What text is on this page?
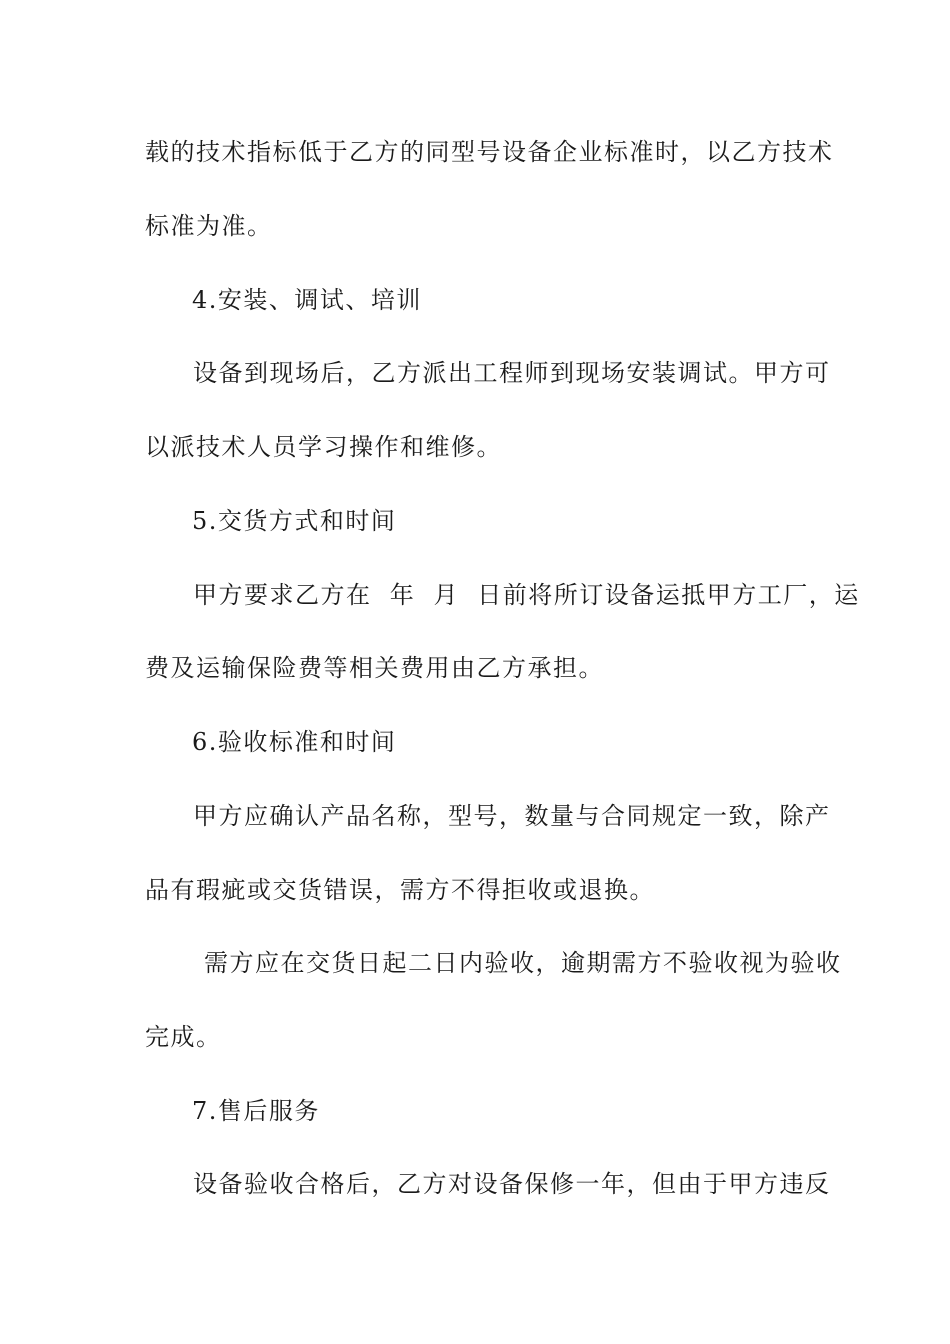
载的技术指标低于乙方的同型号设备企业标准时，以乙方技术
标准为准。
4.安装、调试、培训
设备到现场后，乙方派出工程师到现场安装调试。甲方可
以派技术人员学习操作和维修。
5.交货方式和时间
甲方要求乙方在  年  月  日前将所订设备运抵甲方工厂，运
费及运输保险费等相关费用由乙方承担。
6.验收标准和时间
甲方应确认产品名称，型号，数量与合同规定一致，除产
品有瑕疵或交货错误，需方不得拒收或退换。
需方应在交货日起二日内验收，逾期需方不验收视为验收
完成。
7.售后服务
设备验收合格后，乙方对设备保修一年，但由于甲方违反
